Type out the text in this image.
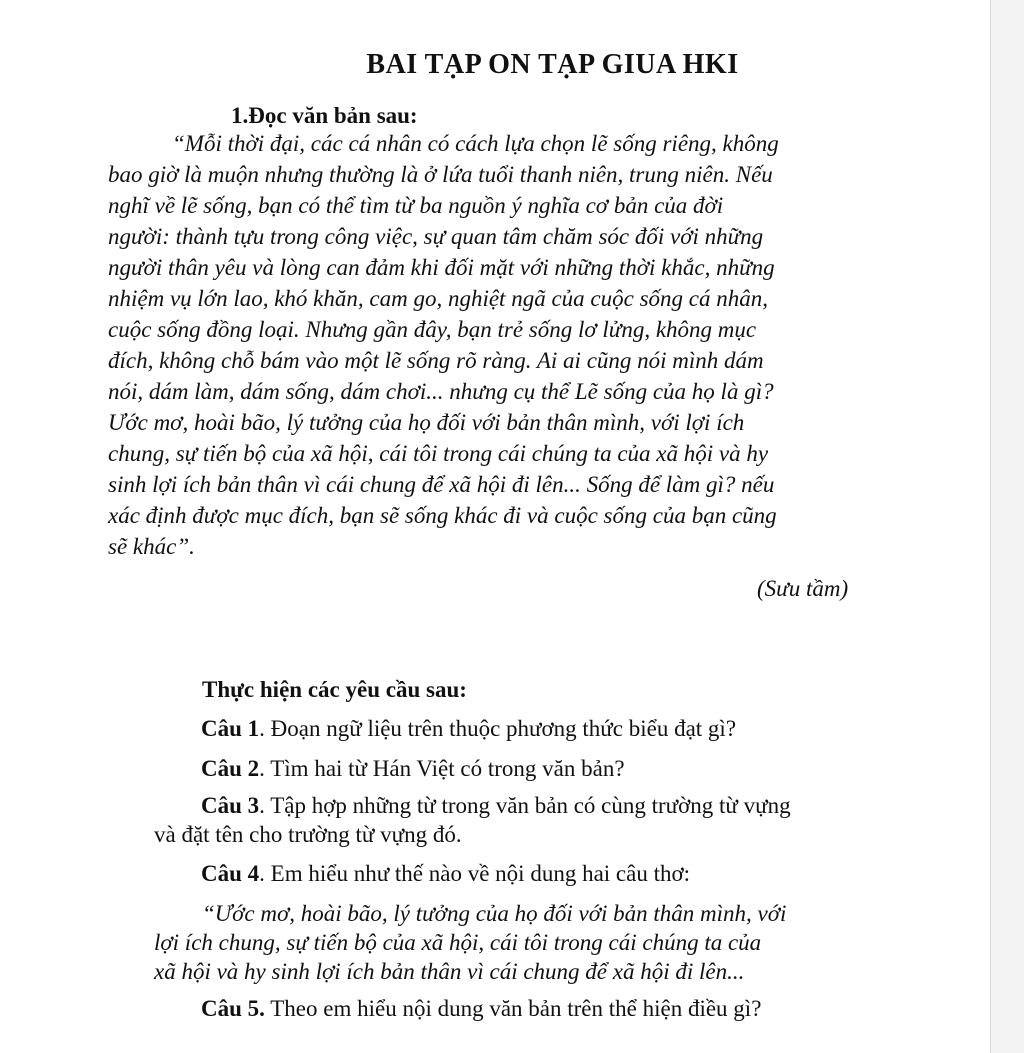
BAI TẠP ON TẠP GIUA HKI
1.Đọc văn bản sau:
“Mỗi thời đại, các cá nhân có cách lựa chọn lẽ sống riêng, không
bao giờ là muộn nhưng thường là ở lứa tuổi thanh niên, trung niên. Nếu
nghĩ về lẽ sống, bạn có thể tìm từ ba nguồn ý nghĩa cơ bản của đời
người: thành tựu trong công việc, sự quan tâm chăm sóc đối với những
người thân yêu và lòng can đảm khi đối mặt với những thời khắc, những
nhiệm vụ lớn lao, khó khăn, cam go, nghiệt ngã của cuộc sống cá nhân,
cuộc sống đồng loại. Nhưng gần đây, bạn trẻ sống lơ lửng, không mục
đích, không chỗ bám vào một lẽ sống rõ ràng. Ai ai cũng nói mình dám
nói, dám làm, dám sống, dám chơi... nhưng cụ thể Lẽ sống của họ là gì?
Ước mơ, hoài bão, lý tưởng của họ đối với bản thân mình, với lợi ích
chung, sự tiến bộ của xã hội, cái tôi trong cái chúng ta của xã hội và hy
sinh lợi ích bản thân vì cái chung để xã hội đi lên... Sống để làm gì? nếu
xác định được mục đích, bạn sẽ sống khác đi và cuộc sống của bạn cũng
sẽ khác”.
(Sưu tầm)
Thực hiện các yêu cầu sau:
Câu 1. Đoạn ngữ liệu trên thuộc phương thức biểu đạt gì?
Câu 2. Tìm hai từ Hán Việt có trong văn bản?
Câu 3. Tập hợp những từ trong văn bản có cùng trường từ vựng
và đặt tên cho trường từ vựng đó.
Câu 4. Em hiểu như thế nào về nội dung hai câu thơ:
“Ước mơ, hoài bão, lý tưởng của họ đối với bản thân mình, với
lợi ích chung, sự tiến bộ của xã hội, cái tôi trong cái chúng ta của
xã hội và hy sinh lợi ích bản thân vì cái chung để xã hội đi lên...
Câu 5. Theo em hiểu nội dung văn bản trên thể hiện điều gì?
